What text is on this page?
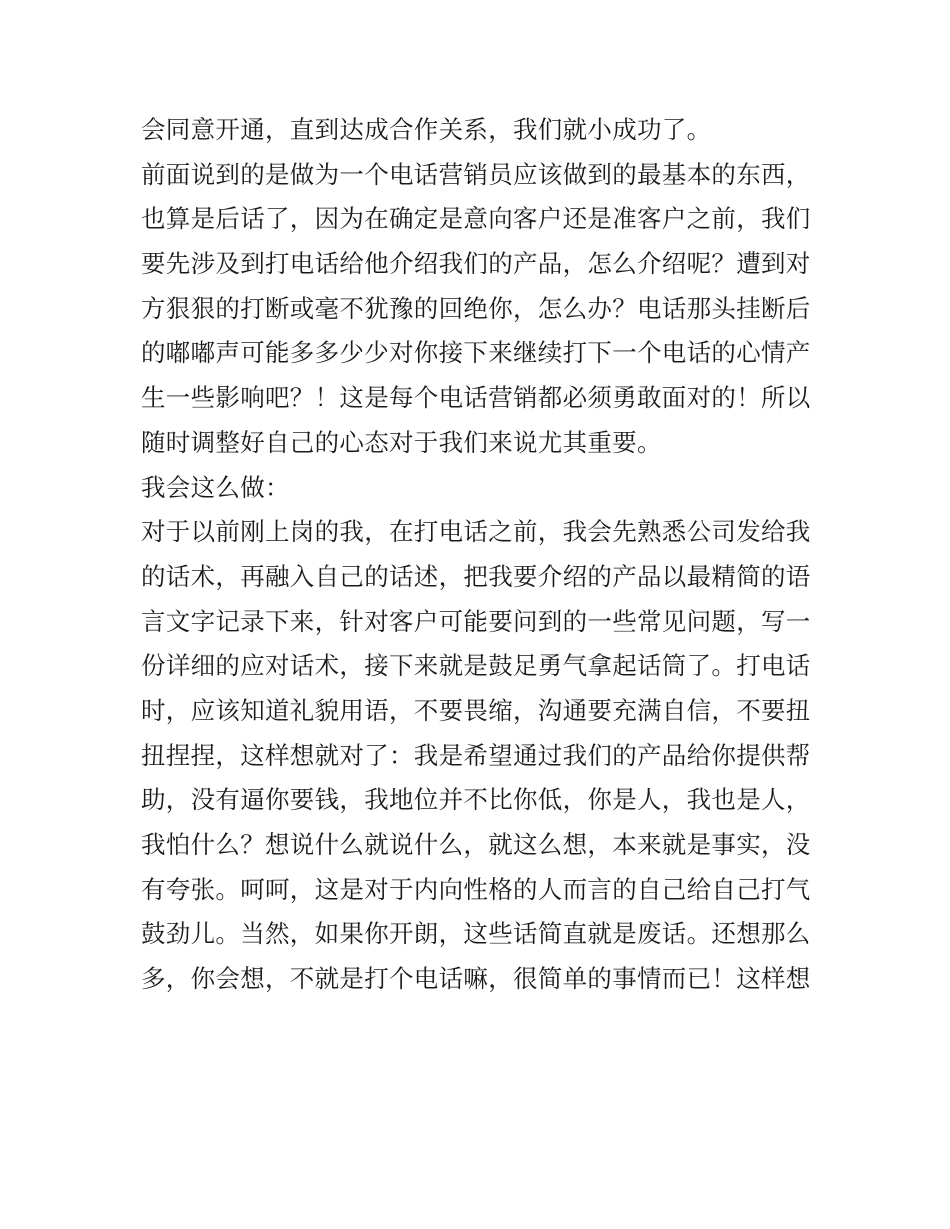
会同意开通，直到达成合作关系，我们就小成功了。
前面说到的是做为一个电话营销员应该做到的最基本的东西，
也算是后话了，因为在确定是意向客户还是准客户之前，我们
要先涉及到打电话给他介绍我们的产品，怎么介绍呢？遭到对
方狠狠的打断或毫不犹豫的回绝你，怎么办？电话那头挂断后
的嘟嘟声可能多多少少对你接下来继续打下一个电话的心情产
生一些影响吧？！这是每个电话营销都必须勇敢面对的！所以
随时调整好自己的心态对于我们来说尤其重要。
我会这么做：
对于以前刚上岗的我，在打电话之前，我会先熟悉公司发给我
的话术，再融入自己的话述，把我要介绍的产品以最精简的语
言文字记录下来，针对客户可能要问到的一些常见问题，写一
份详细的应对话术，接下来就是鼓足勇气拿起话筒了。打电话
时，应该知道礼貌用语，不要畏缩，沟通要充满自信，不要扭
扭捏捏，这样想就对了：我是希望通过我们的产品给你提供帮
助，没有逼你要钱，我地位并不比你低，你是人，我也是人，
我怕什么？想说什么就说什么，就这么想，本来就是事实，没
有夸张。呵呵，这是对于内向性格的人而言的自己给自己打气
鼓劲儿。当然，如果你开朗，这些话简直就是废话。还想那么
多，你会想，不就是打个电话嘛，很简单的事情而已！这样想
